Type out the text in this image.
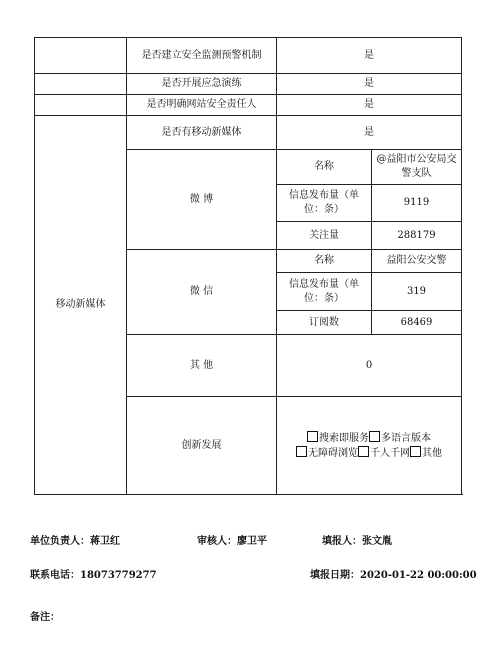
	是否建立安全监测预警机制	是	
	是否开展应急演练	是	
	是否明确网站安全责任人	是	
移动新媒体	是否有移动新媒体	是	
	微 博	名称	@益阳市公安局交警支队
		信息发布量（单位：条）	9119
		关注量	288179
	微 信	名称	益阳公安交警
		信息发布量（单位：条）	319
		订阅数	68469
	其 他	0	
	创新发展	搜索即服务 多语言版本无障碍浏览 千人千网 其他	
单位负责人：蒋卫红	审核人：廖卫平	填报人：张文胤
联系电话：18073779277	填报日期：2020-01-22 00:00:00
备注：
